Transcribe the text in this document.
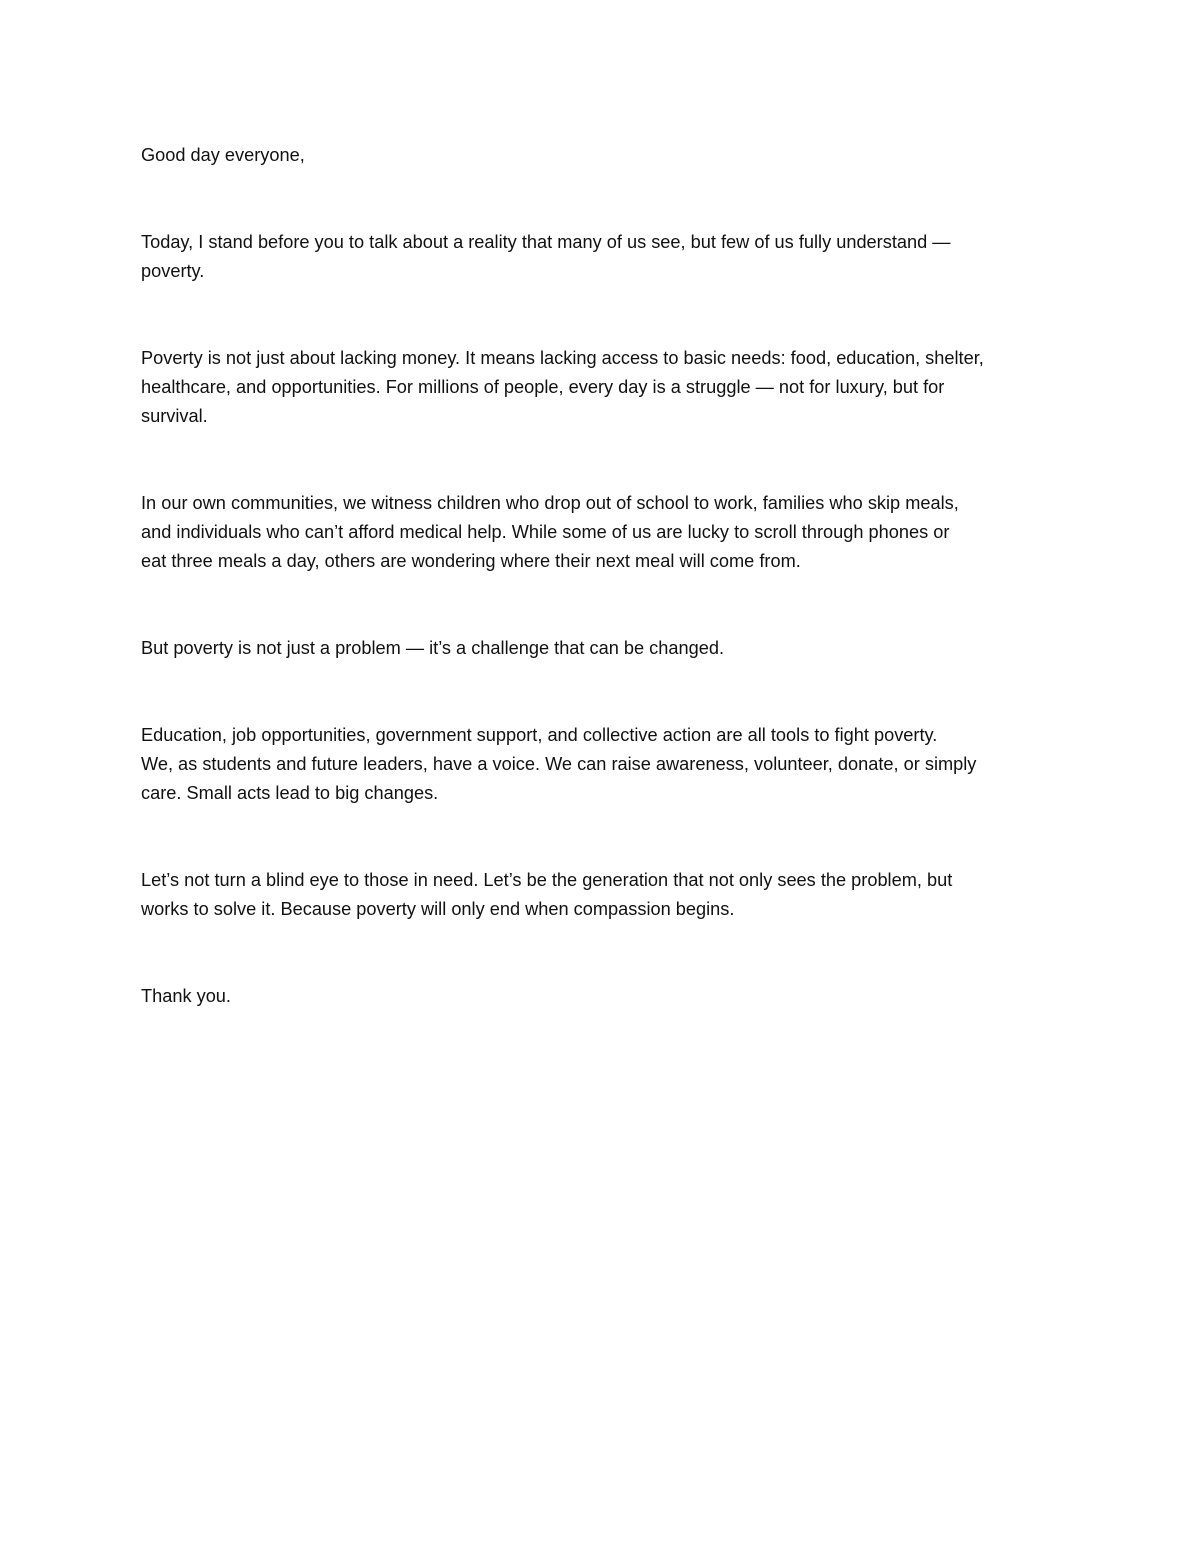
Good day everyone,

Today, I stand before you to talk about a reality that many of us see, but few of us fully understand —
poverty.

Poverty is not just about lacking money. It means lacking access to basic needs: food, education, shelter,
healthcare, and opportunities. For millions of people, every day is a struggle — not for luxury, but for
survival.

In our own communities, we witness children who drop out of school to work, families who skip meals,
and individuals who can’t afford medical help. While some of us are lucky to scroll through phones or
eat three meals a day, others are wondering where their next meal will come from.

But poverty is not just a problem — it’s a challenge that can be changed.

Education, job opportunities, government support, and collective action are all tools to fight poverty.
We, as students and future leaders, have a voice. We can raise awareness, volunteer, donate, or simply
care. Small acts lead to big changes.

Let’s not turn a blind eye to those in need. Let’s be the generation that not only sees the problem, but
works to solve it. Because poverty will only end when compassion begins.

Thank you.
